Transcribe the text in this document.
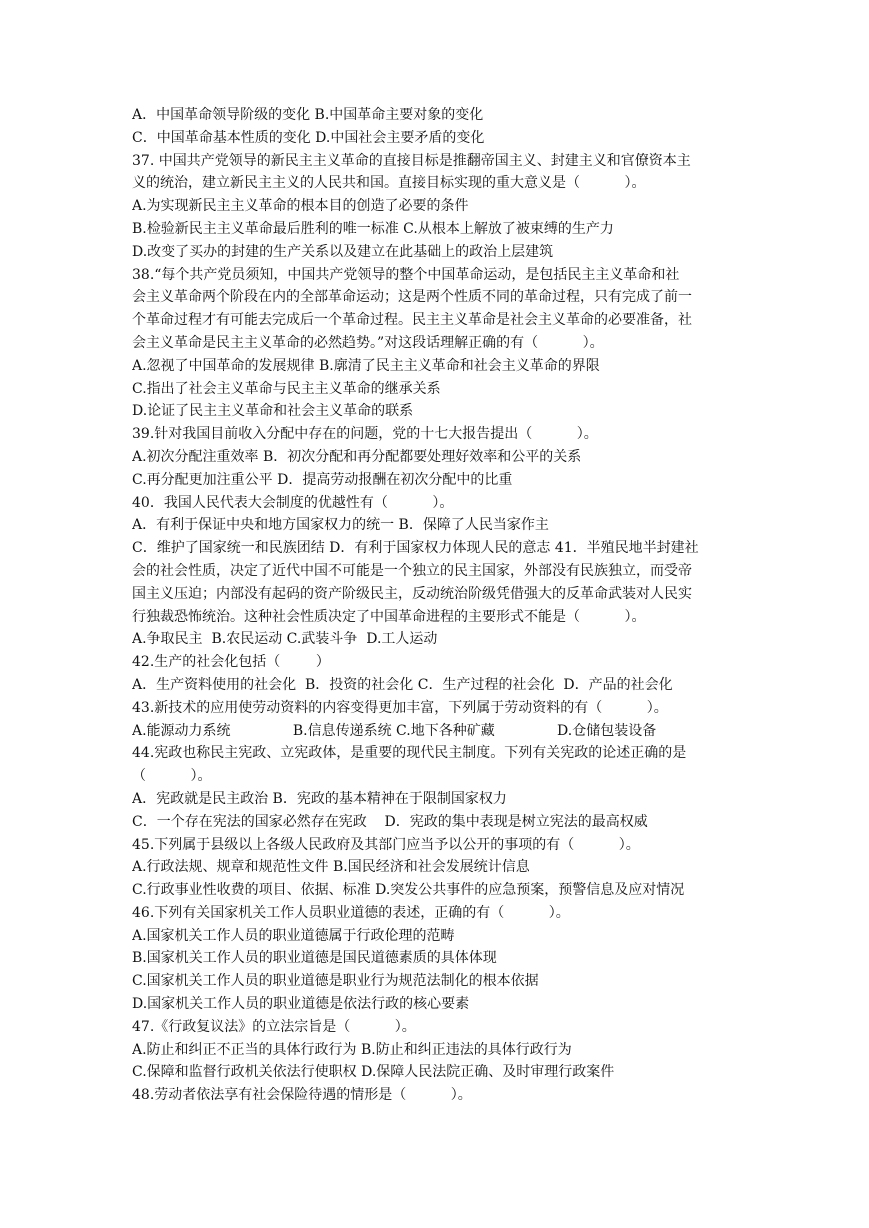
A．中国革命领导阶级的变化 B.中国革命主要对象的变化
C．中国革命基本性质的变化 D.中国社会主要矛盾的变化
37. 中国共产党领导的新民主主义革命的直接目标是推翻帝国主义、封建主义和官僚资本主
义的统治，建立新民主主义的人民共和国。直接目标实现的重大意义是（          ）。
A.为实现新民主主义革命的根本目的创造了必要的条件
B.检验新民主主义革命最后胜利的唯一标准 C.从根本上解放了被束缚的生产力
D.改变了买办的封建的生产关系以及建立在此基础上的政治上层建筑
38.“每个共产党员须知，中国共产党领导的整个中国革命运动，是包括民主主义革命和社
会主义革命两个阶段在内的全部革命运动；这是两个性质不同的革命过程，只有完成了前一
个革命过程才有可能去完成后一个革命过程。民主主义革命是社会主义革命的必要准备，社
会主义革命是民主主义革命的必然趋势。”对这段话理解正确的有（          ）。
A.忽视了中国革命的发展规律 B.廓清了民主主义革命和社会主义革命的界限
C.指出了社会主义革命与民主主义革命的继承关系
D.论证了民主主义革命和社会主义革命的联系
39.针对我国目前收入分配中存在的问题，党的十七大报告提出（          ）。
A.初次分配注重效率 B．初次分配和再分配都要处理好效率和公平的关系
C.再分配更加注重公平 D．提高劳动报酬在初次分配中的比重
40．我国人民代表大会制度的优越性有（          ）。
A．有利于保证中央和地方国家权力的统一 B．保障了人民当家作主
C．维护了国家统一和民族团结 D．有利于国家权力体现人民的意志 41．半殖民地半封建社
会的社会性质，决定了近代中国不可能是一个独立的民主国家，外部没有民族独立，而受帝
国主义压迫；内部没有起码的资产阶级民主，反动统治阶级凭借强大的反革命武装对人民实
行独裁恐怖统治。这种社会性质决定了中国革命进程的主要形式不能是（          ）。
A.争取民主  B.农民运动 C.武装斗争  D.工人运动
42.生产的社会化包括（        ）
A．生产资料使用的社会化  B．投资的社会化 C．生产过程的社会化  D．产品的社会化
43.新技术的应用使劳动资料的内容变得更加丰富，下列属于劳动资料的有（          ）。
A.能源动力系统              B.信息传递系统 C.地下各种矿藏              D.仓储包装设备
44.宪政也称民主宪政、立宪政体，是重要的现代民主制度。下列有关宪政的论述正确的是
（          ）。
A．宪政就是民主政治 B．宪政的基本精神在于限制国家权力
C．一个存在宪法的国家必然存在宪政    D．宪政的集中表现是树立宪法的最高权威
45.下列属于县级以上各级人民政府及其部门应当予以公开的事项的有（          ）。
A.行政法规、规章和规范性文件 B.国民经济和社会发展统计信息
C.行政事业性收费的项目、依据、标准 D.突发公共事件的应急预案，预警信息及应对情况
46.下列有关国家机关工作人员职业道德的表述，正确的有（          ）。
A.国家机关工作人员的职业道德属于行政伦理的范畴
B.国家机关工作人员的职业道德是国民道德素质的具体体现
C.国家机关工作人员的职业道德是职业行为规范法制化的根本依据
D.国家机关工作人员的职业道德是依法行政的核心要素
47.《行政复议法》的立法宗旨是（          ）。
A.防止和纠正不正当的具体行政行为 B.防止和纠正违法的具体行政行为
C.保障和监督行政机关依法行使职权 D.保障人民法院正确、及时审理行政案件
48.劳动者依法享有社会保险待遇的情形是（          ）。
